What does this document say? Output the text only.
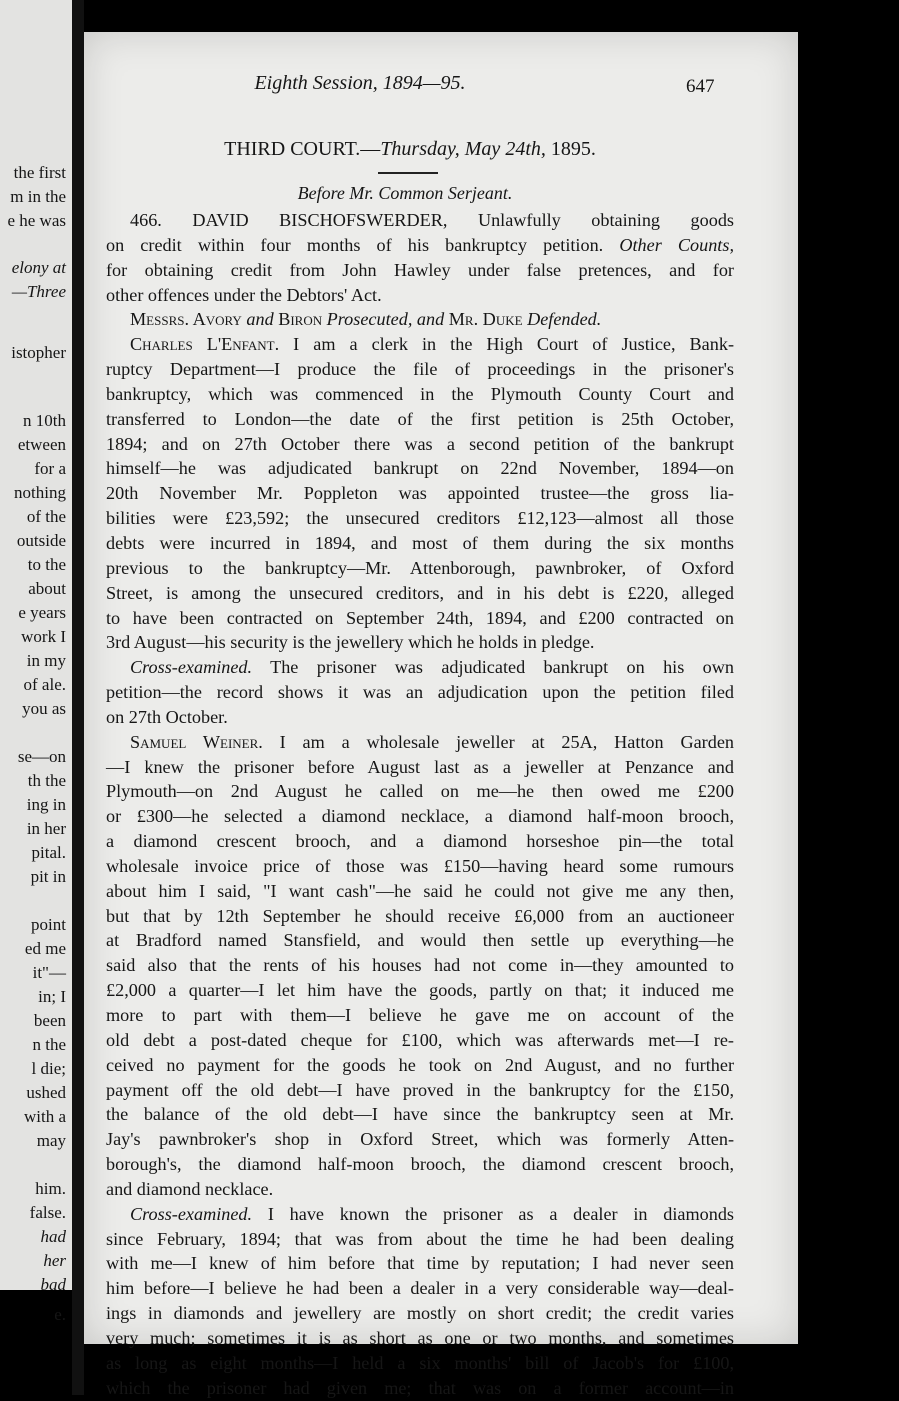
the first
m in the
e he was
elony at
—Three
istopher
n 10th
etween
for a
nothing
of the
outside
to the
about
e years
work I
in my
of ale.
you as
se—on
th the
ing in
in her
pital.
pit in
point
ed me
it"—
in; I
been
n the
l die;
ushed
with a
may
him.
false.
had
her
bad
e.
Eighth Session, 1894—95.	647
THIRD COURT.—Thursday, May 24th, 1895.
Before Mr. Common Serjeant.
466. DAVID BISCHOFSWERDER, Unlawfully obtaining goods
on credit within four months of his bankruptcy petition. Other Counts,
for obtaining credit from John Hawley under false pretences, and for
other offences under the Debtors' Act.
Messrs. Avory and Biron Prosecuted, and Mr. Duke Defended.
Charles L'Enfant. I am a clerk in the High Court of Justice, Bank-
ruptcy Department—I produce the file of proceedings in the prisoner's
bankruptcy, which was commenced in the Plymouth County Court and
transferred to London—the date of the first petition is 25th October,
1894; and on 27th October there was a second petition of the bankrupt
himself—he was adjudicated bankrupt on 22nd November, 1894—on
20th November Mr. Poppleton was appointed trustee—the gross lia-
bilities were £23,592; the unsecured creditors £12,123—almost all those
debts were incurred in 1894, and most of them during the six months
previous to the bankruptcy—Mr. Attenborough, pawnbroker, of Oxford
Street, is among the unsecured creditors, and in his debt is £220, alleged
to have been contracted on September 24th, 1894, and £200 contracted on
3rd August—his security is the jewellery which he holds in pledge.
Cross-examined. The prisoner was adjudicated bankrupt on his own
petition—the record shows it was an adjudication upon the petition filed
on 27th October.
Samuel Weiner. I am a wholesale jeweller at 25A, Hatton Garden
—I knew the prisoner before August last as a jeweller at Penzance and
Plymouth—on 2nd August he called on me—he then owed me £200
or £300—he selected a diamond necklace, a diamond half-moon brooch,
a diamond crescent brooch, and a diamond horseshoe pin—the total
wholesale invoice price of those was £150—having heard some rumours
about him I said, "I want cash"—he said he could not give me any then,
but that by 12th September he should receive £6,000 from an auctioneer
at Bradford named Stansfield, and would then settle up everything—he
said also that the rents of his houses had not come in—they amounted to
£2,000 a quarter—I let him have the goods, partly on that; it induced me
more to part with them—I believe he gave me on account of the
old debt a post-dated cheque for £100, which was afterwards met—I re-
ceived no payment for the goods he took on 2nd August, and no further
payment off the old debt—I have proved in the bankruptcy for the £150,
the balance of the old debt—I have since the bankruptcy seen at Mr.
Jay's pawnbroker's shop in Oxford Street, which was formerly Atten-
borough's, the diamond half-moon brooch, the diamond crescent brooch,
and diamond necklace.
Cross-examined. I have known the prisoner as a dealer in diamonds
since February, 1894; that was from about the time he had been dealing
with me—I knew of him before that time by reputation; I had never seen
him before—I believe he had been a dealer in a very considerable way—deal-
ings in diamonds and jewellery are mostly on short credit; the credit varies
very much; sometimes it is as short as one or two months, and sometimes
as long as eight months—I held a six months' bill of Jacob's for £100,
which the prisoner had given me; that was on a former account—in
